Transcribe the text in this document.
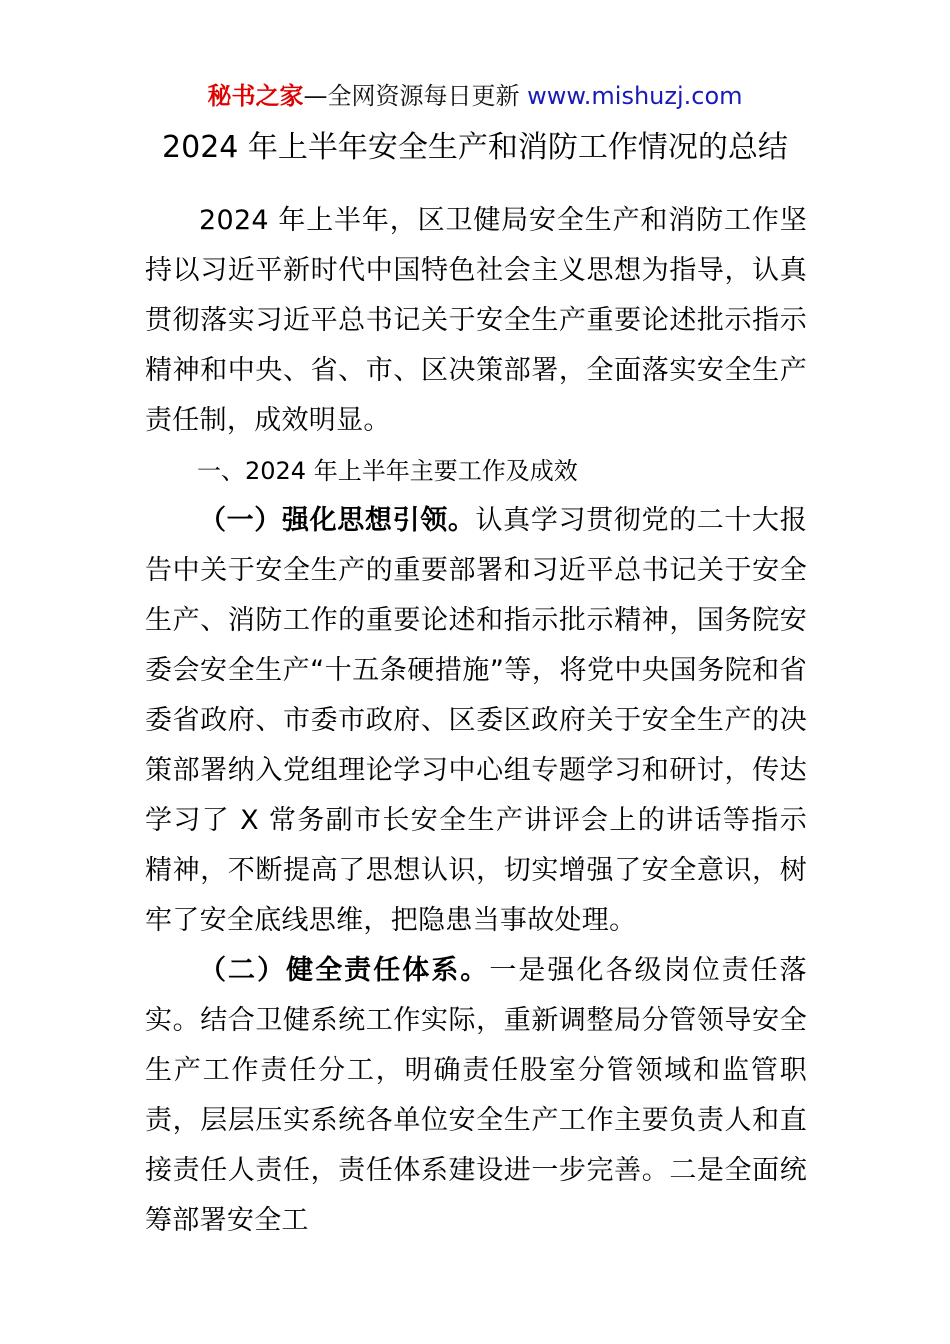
秘书之家—全网资源每日更新 www.mishuzj.com
2024 年上半年安全生产和消防工作情况的总结

2024 年上半年，区卫健局安全生产和消防工作坚持以习近平新时代中国特色社会主义思想为指导，认真贯彻落实习近平总书记关于安全生产重要论述批示指示精神和中央、省、市、区决策部署，全面落实安全生产责任制，成效明显。

一、2024 年上半年主要工作及成效

（一）强化思想引领。认真学习贯彻党的二十大报告中关于安全生产的重要部署和习近平总书记关于安全生产、消防工作的重要论述和指示批示精神，国务院安委会安全生产“十五条硬措施”等，将党中央国务院和省委省政府、市委市政府、区委区政府关于安全生产的决策部署纳入党组理论学习中心组专题学习和研讨，传达学习了 X 常务副市长安全生产讲评会上的讲话等指示精神，不断提高了思想认识，切实增强了安全意识，树牢了安全底线思维，把隐患当事故处理。

（二）健全责任体系。一是强化各级岗位责任落实。结合卫健系统工作实际，重新调整局分管领导安全生产工作责任分工，明确责任股室分管领域和监管职责，层层压实系统各单位安全生产工作主要负责人和直接责任人责任，责任体系建设进一步完善。二是全面统筹部署安全工
